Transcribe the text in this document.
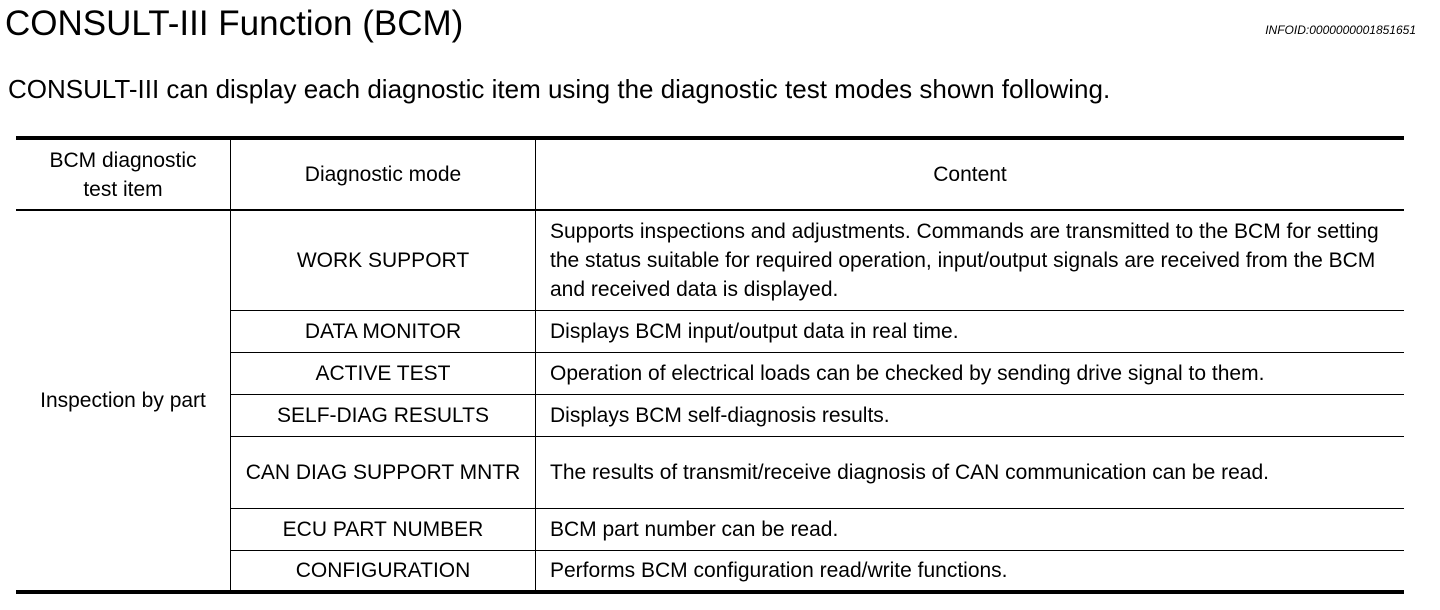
CONSULT-III Function (BCM)	INFOID:0000000001851651
CONSULT-III can display each diagnostic item using the diagnostic test modes shown following.
BCM diagnostic test item	Diagnostic mode	Content
Inspection by part	WORK SUPPORT	Supports inspections and adjustments. Commands are transmitted to the BCM for setting the status suitable for required operation, input/output signals are received from the BCM and received data is displayed.
	DATA MONITOR	Displays BCM input/output data in real time.
	ACTIVE TEST	Operation of electrical loads can be checked by sending drive signal to them.
	SELF-DIAG RESULTS	Displays BCM self-diagnosis results.
	CAN DIAG SUPPORT MNTR	The results of transmit/receive diagnosis of CAN communication can be read.
	ECU PART NUMBER	BCM part number can be read.
	CONFIGURATION	Performs BCM configuration read/write functions.
